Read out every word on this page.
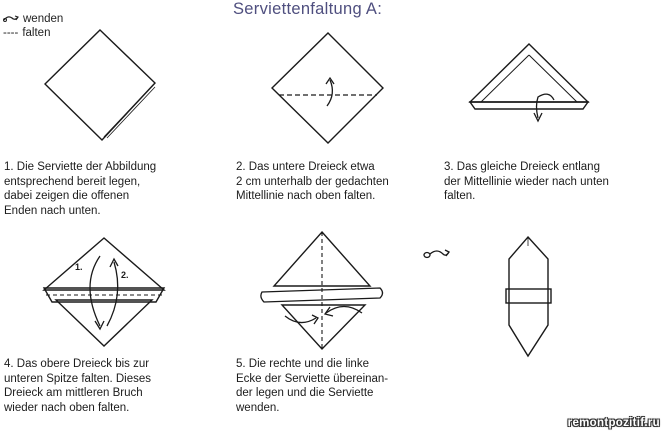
Serviettenfaltung A:
wenden
---- falten
1.
2.
1. Die Serviette der Abbildung
entsprechend bereit legen,
dabei zeigen die offenen
Enden nach unten.
2. Das untere Dreieck etwa
2 cm unterhalb der gedachten
Mittellinie nach oben falten.
3. Das gleiche Dreieck entlang
der Mittellinie wieder nach unten
falten.
4. Das obere Dreieck bis zur
unteren Spitze falten. Dieses
Dreieck am mittleren Bruch
wieder nach oben falten.
5. Die rechte und die linke
Ecke der Serviette übereinan-
der legen und die Serviette
wenden.
remontpozitif.ru
